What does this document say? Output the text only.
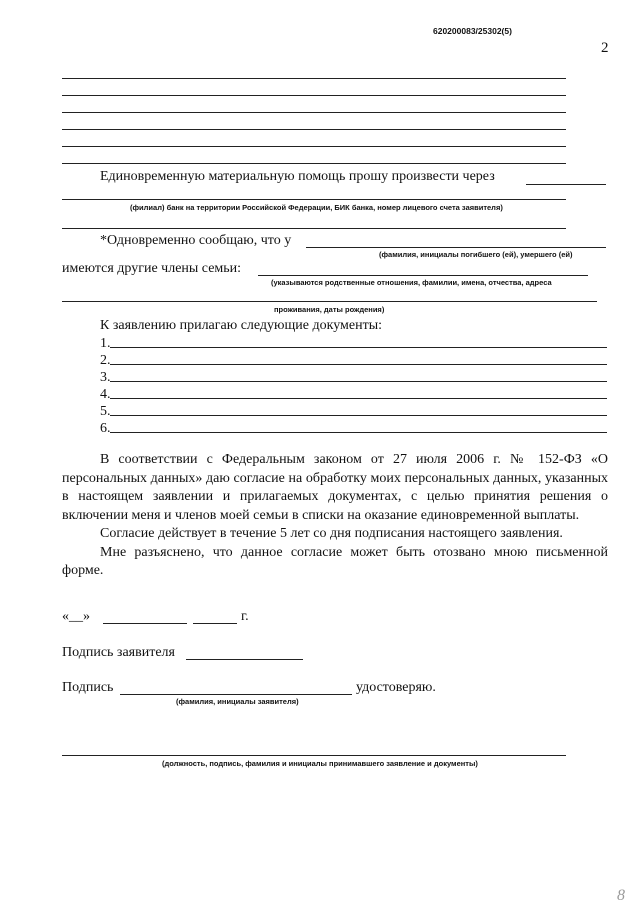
620200083/25302(5)
2
Единовременную материальную помощь прошу произвести через
(филиал) банк на территории Российской Федерации, БИК банка, номер лицевого счета заявителя)
*Одновременно сообщаю, что у
(фамилия, инициалы погибшего (ей), умершего (ей)
имеются другие члены семьи:
(указываются родственные отношения, фамилии, имена, отчества, адреса
проживания, даты рождения)
К заявлению прилагаю следующие документы:
1.
2.
3.
4.
5.
6.

В соответствии с Федеральным законом от 27 июля 2006 г. № 152-ФЗ «О персональных данных» даю согласие на обработку моих персональных данных, указанных в настоящем заявлении и прилагаемых документах, с целью принятия решения о включении меня и членов моей семьи в списки на оказание единовременной выплаты.

Согласие действует в течение 5 лет со дня подписания настоящего заявления.

Мне разъяснено, что данное согласие может быть отозвано мною письменной форме.

«__»	г.
Подпись заявителя
Подпись	удостоверяю.
(фамилия, инициалы заявителя)
(должность, подпись, фамилия и инициалы принимавшего заявление и документы)
8
